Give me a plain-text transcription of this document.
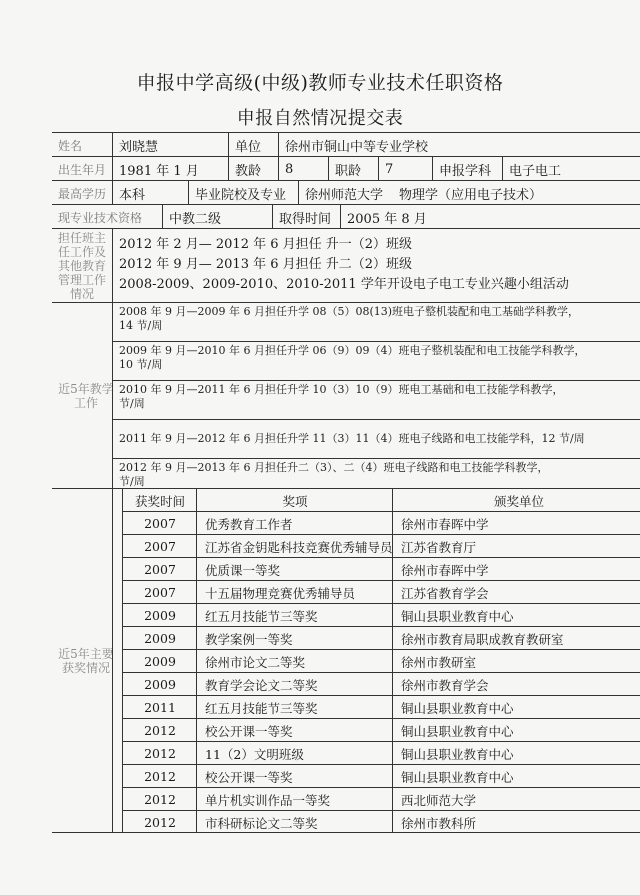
申报中学高级(中级)教师专业技术任职资格
申报自然情况提交表
姓名	刘晓慧	单位	徐州市铜山中等专业学校
出生年月 1981 年 1 月	教龄	8	职龄	7	申报学科	电子电工
最高学历 本科	毕业院校及专业	徐州师范大学 物理学（应用电子技术）
现专业技术资格	中教二级	取得时间	2005 年 8 月
担任班主任工作及其他教育管理工作情况
2012 年 2 月— 2012 年 6 月担任 升一（2）班级
2012 年 9 月— 2013 年 6 月担任 升二（2）班级
2008-2009、2009-2010、2010-2011 学年开设电子电工专业兴趣小组活动
近5年教学工作
2008 年 9 月—2009 年 6 月担任升学 08（5）08(13)班电子整机装配和电工基础学科教学，
14 节/周
2009 年 9 月—2010 年 6 月担任升学 06（9）09（4）班电子整机装配和电工技能学科教学，
10 节/周
2010 年 9 月—2011 年 6 月担任升学 10（3）10（9）班电工基础和电工技能学科教学，
节/周
2011 年 9 月—2012 年 6 月担任升学 11（3）11（4）班电子线路和电工技能学科，12 节/周
2012 年 9 月—2013 年 6 月担任升二（3）、二（4）班电子线路和电工技能学科教学，
节/周
近5年主要获奖情况
获奖时间	奖项	颁奖单位
2007	优秀教育工作者	徐州市春晖中学
2007	江苏省金钥匙科技竞赛优秀辅导员 江苏省教育厅
2007	优质课一等奖	徐州市春晖中学
2007	十五届物理竞赛优秀辅导员	江苏省教育学会
2009	红五月技能节三等奖	铜山县职业教育中心
2009	教学案例一等奖	徐州市教育局职成教育教研室
2009	徐州市论文二等奖	徐州市教研室
2009	教育学会论文二等奖	徐州市教育学会
2011	红五月技能节三等奖	铜山县职业教育中心
2012	校公开课一等奖	铜山县职业教育中心
2012	11（2）文明班级	铜山县职业教育中心
2012	校公开课一等奖	铜山县职业教育中心
2012	单片机实训作品一等奖	西北师范大学
2012	市科研标论文二等奖	徐州市教科所
